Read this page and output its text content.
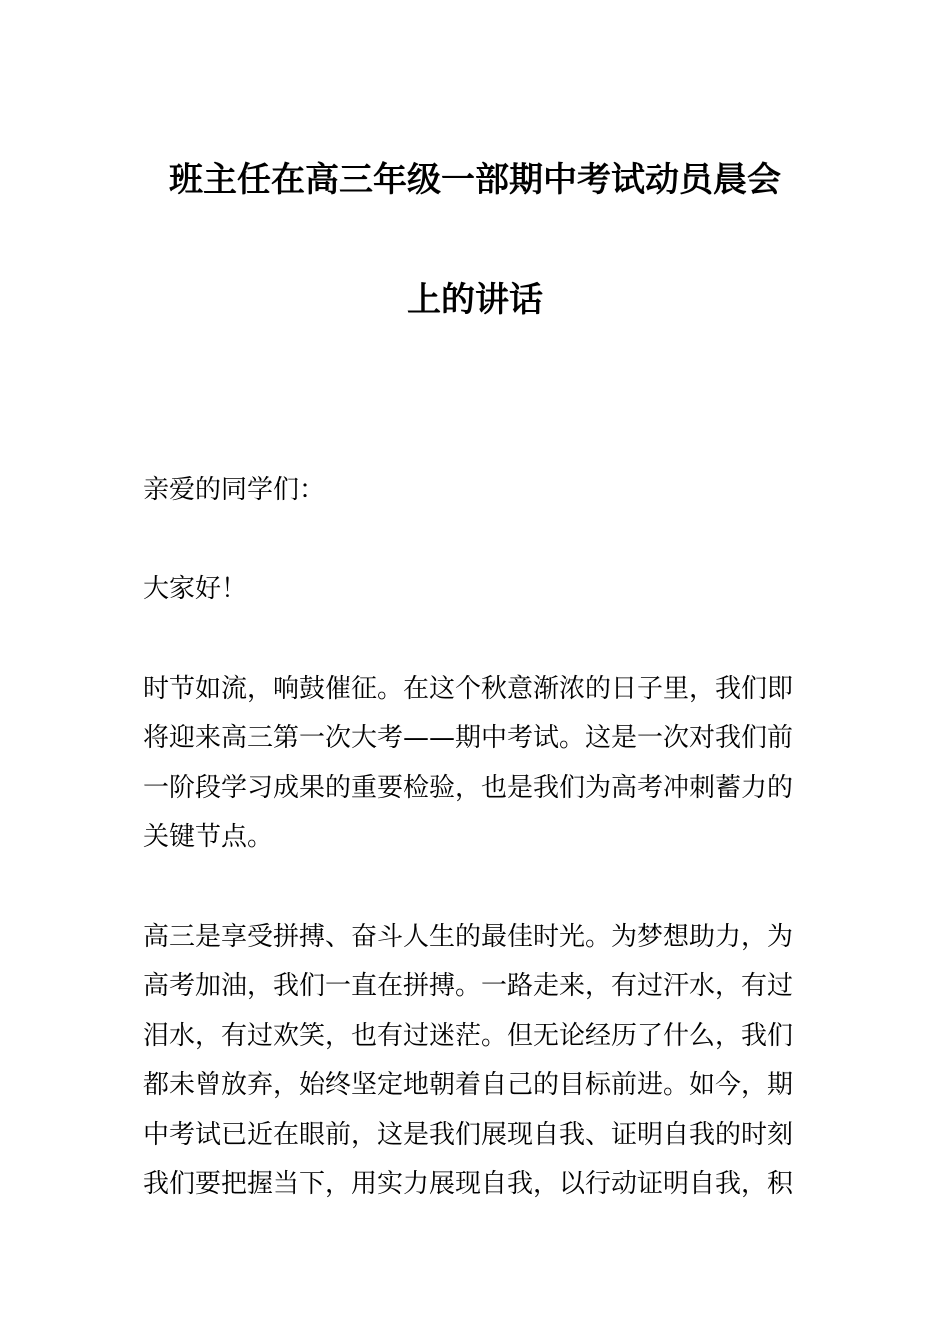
班主任在高三年级一部期中考试动员晨会
上的讲话
亲爱的同学们：
大家好！
时节如流，响鼓催征。在这个秋意渐浓的日子里，我们即
将迎来高三第一次大考——期中考试。这是一次对我们前
一阶段学习成果的重要检验，也是我们为高考冲刺蓄力的
关键节点。
高三是享受拼搏、奋斗人生的最佳时光。为梦想助力，为
高考加油，我们一直在拼搏。一路走来，有过汗水，有过
泪水，有过欢笑，也有过迷茫。但无论经历了什么，我们
都未曾放弃，始终坚定地朝着自己的目标前进。如今，期
中考试已近在眼前，这是我们展现自我、证明自我的时刻
我们要把握当下，用实力展现自我，以行动证明自我，积
